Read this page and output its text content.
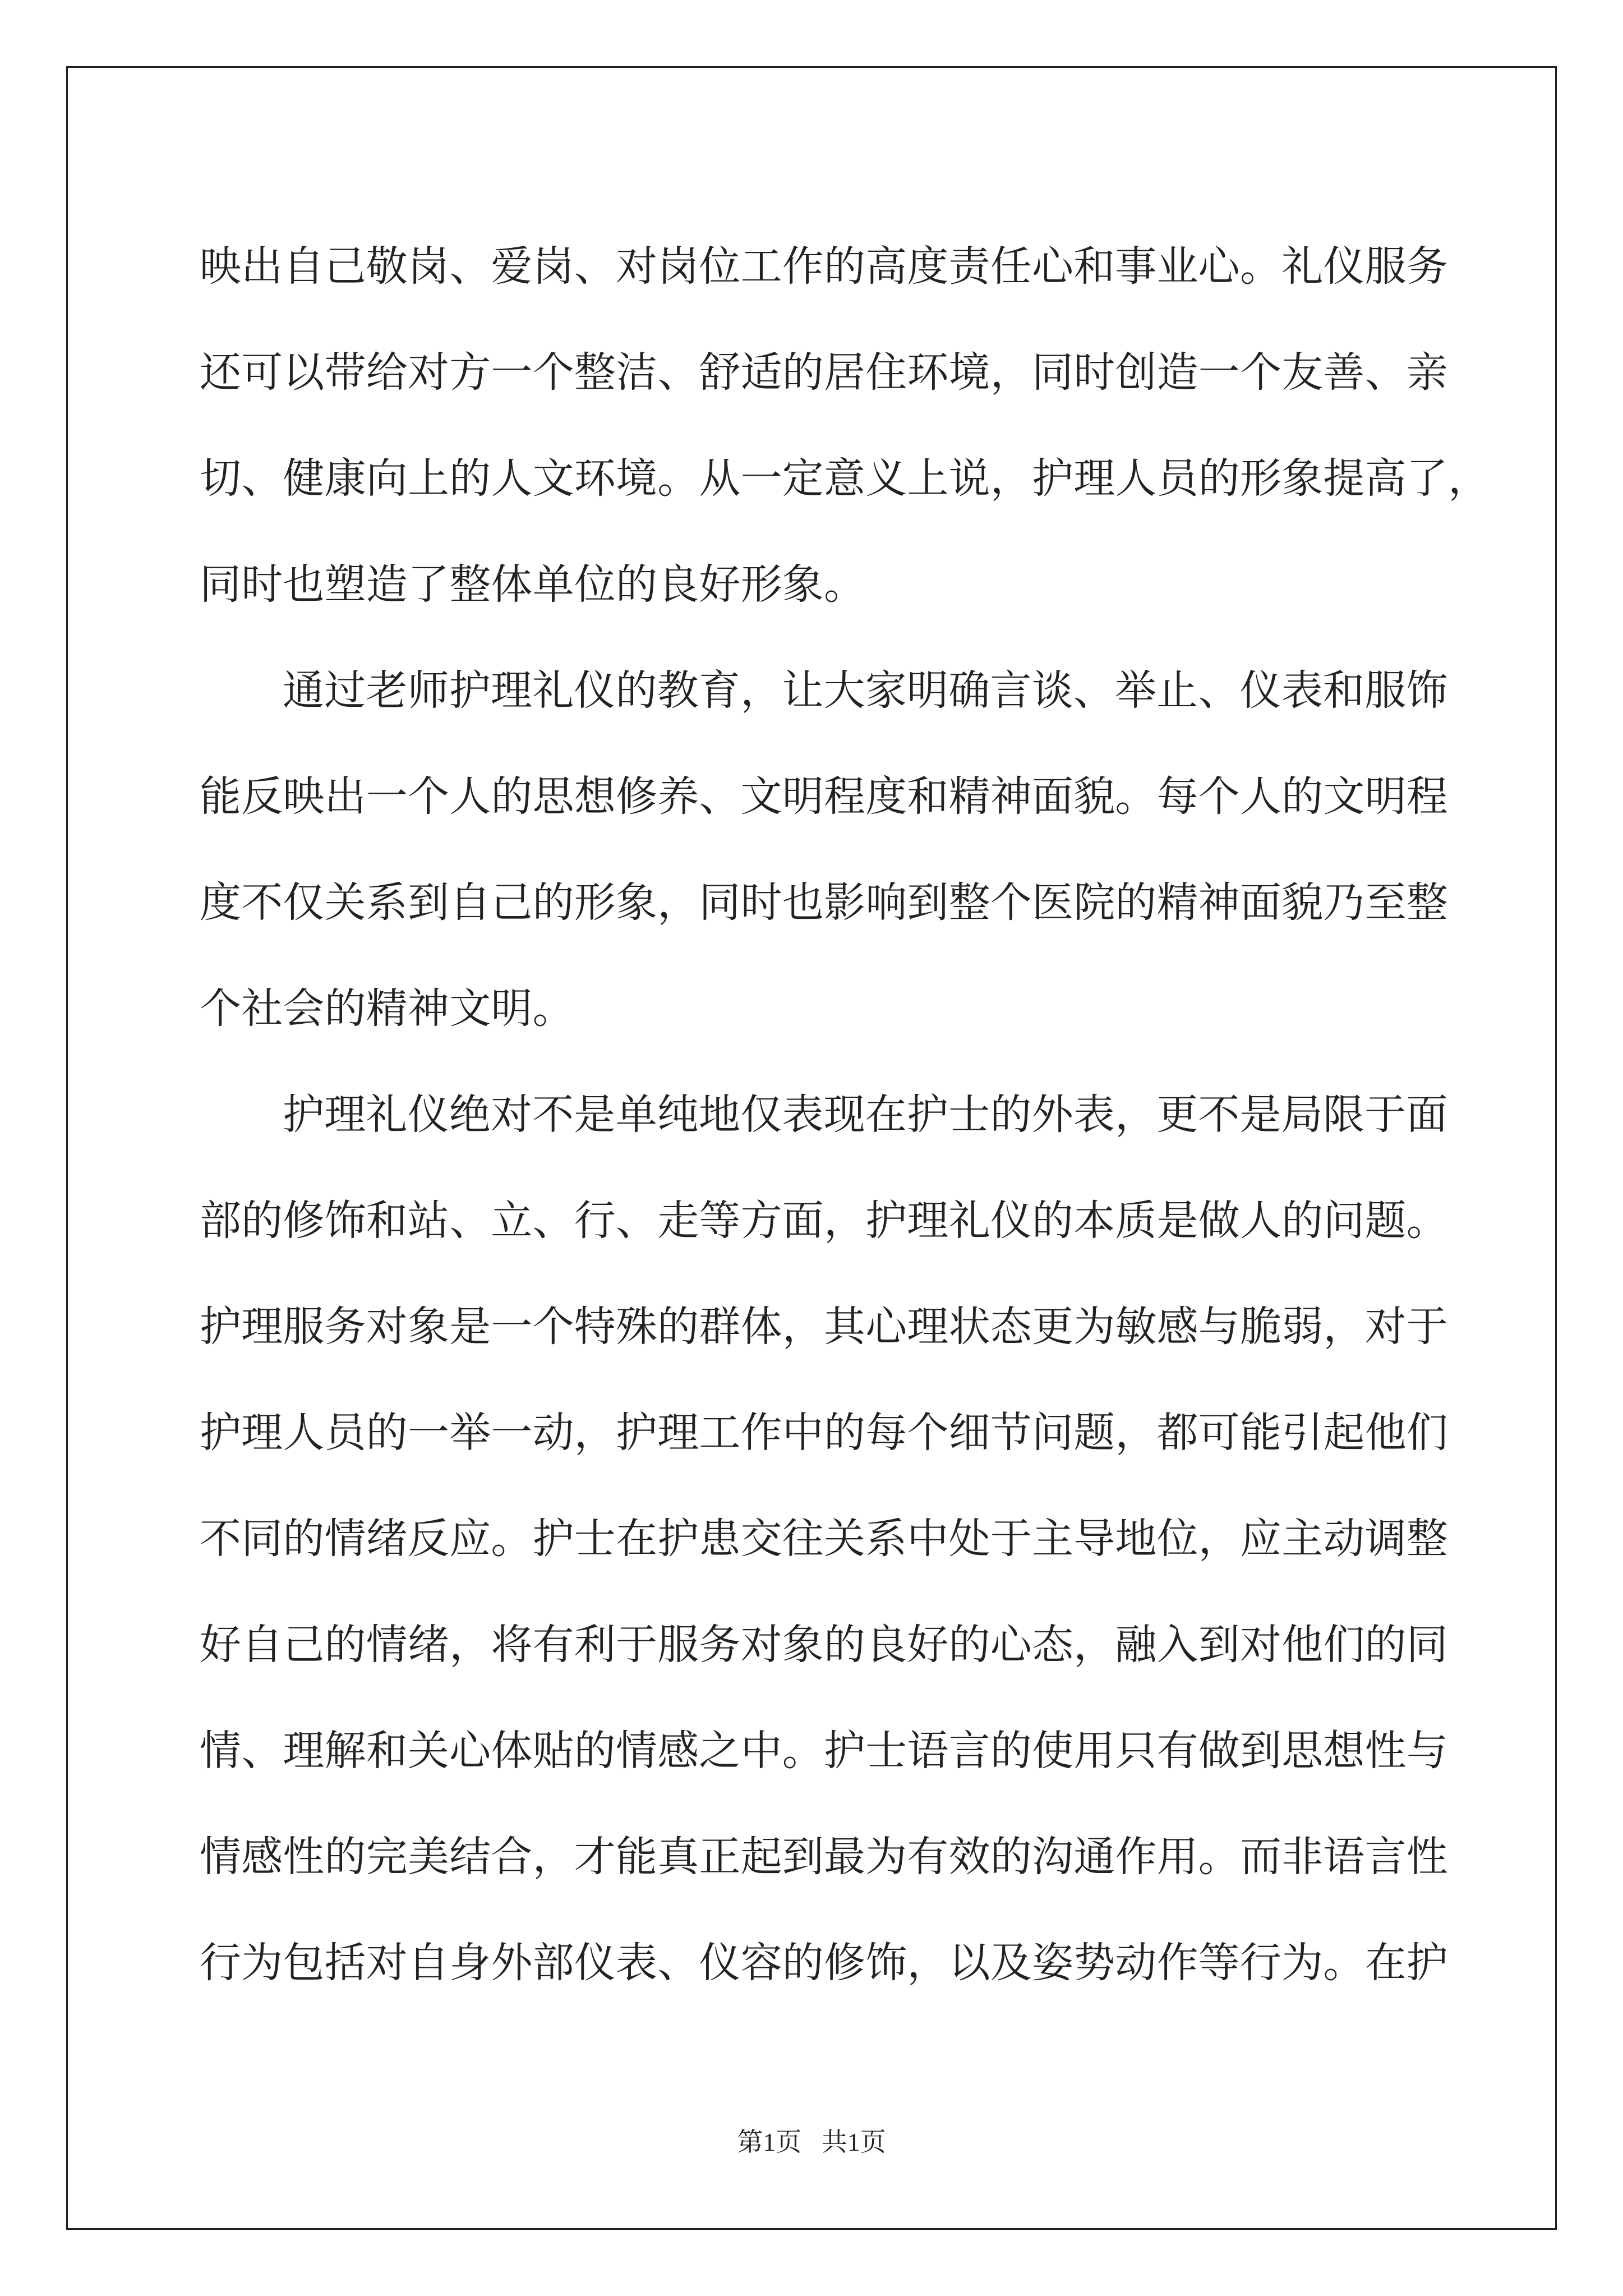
映出自己敬岗、爱岗、对岗位工作的高度责任心和事业心。礼仪服务
还可以带给对方一个整洁、舒适的居住环境，同时创造一个友善、亲
切、健康向上的人文环境。从一定意义上说，护理人员的形象提高了，
同时也塑造了整体单位的良好形象。
通过老师护理礼仪的教育，让大家明确言谈、举止、仪表和服饰
能反映出一个人的思想修养、文明程度和精神面貌。每个人的文明程
度不仅关系到自己的形象，同时也影响到整个医院的精神面貌乃至整
个社会的精神文明。
护理礼仪绝对不是单纯地仅表现在护士的外表，更不是局限于面
部的修饰和站、立、行、走等方面，护理礼仪的本质是做人的问题。
护理服务对象是一个特殊的群体，其心理状态更为敏感与脆弱，对于
护理人员的一举一动，护理工作中的每个细节问题，都可能引起他们
不同的情绪反应。护士在护患交往关系中处于主导地位，应主动调整
好自己的情绪，将有利于服务对象的良好的心态，融入到对他们的同
情、理解和关心体贴的情感之中。护士语言的使用只有做到思想性与
情感性的完美结合，才能真正起到最为有效的沟通作用。而非语言性
行为包括对自身外部仪表、仪容的修饰，以及姿势动作等行为。在护
第1页 共1页
